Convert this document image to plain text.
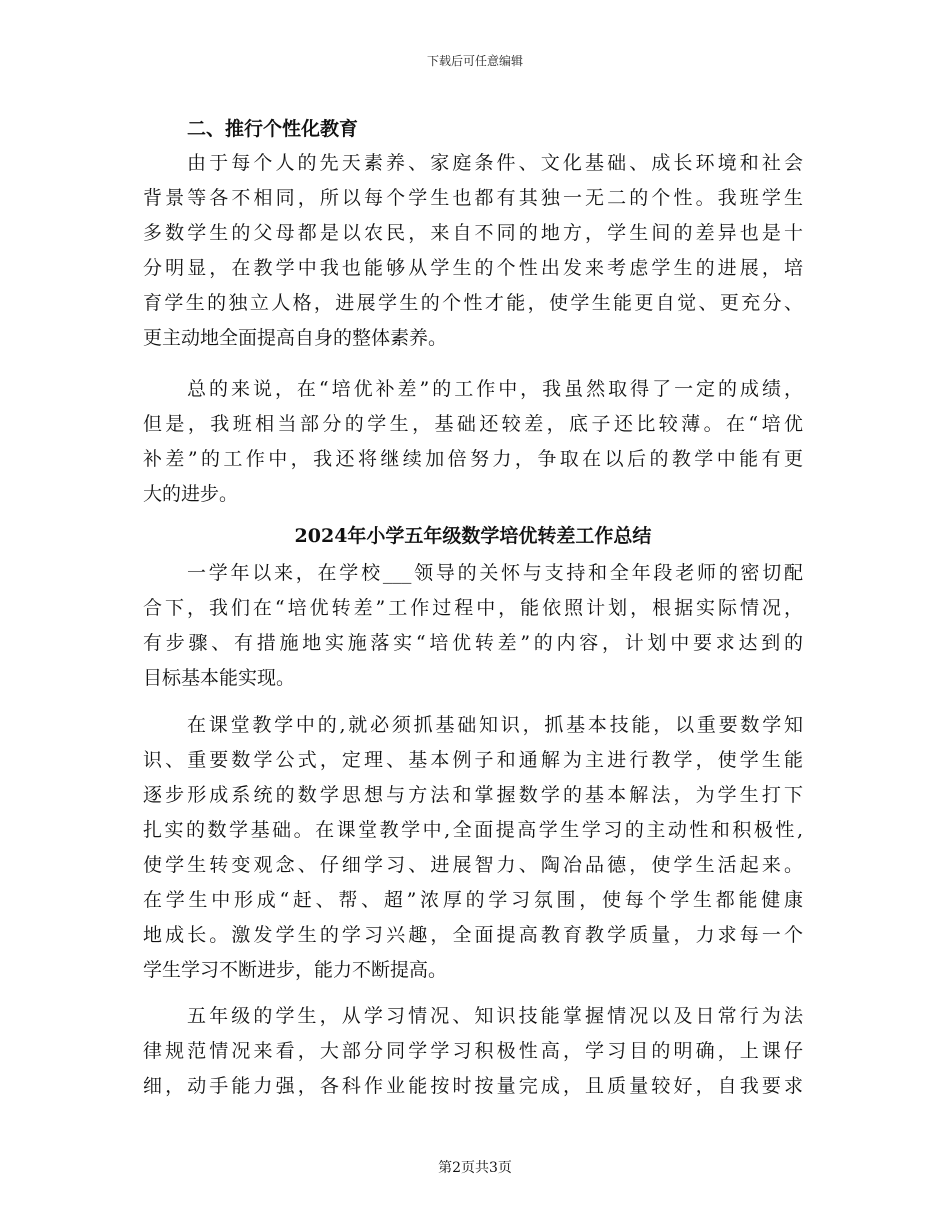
下载后可任意编辑
二、推行个性化教育
由于每个人的先天素养、家庭条件、文化基础、成长环境和社会
背景等各不相同，所以每个学生也都有其独一无二的个性。我班学生
多数学生的父母都是以农民，来自不同的地方，学生间的差异也是十
分明显，在教学中我也能够从学生的个性出发来考虑学生的进展，培
育学生的独立人格，进展学生的个性才能，使学生能更自觉、更充分、
更主动地全面提高自身的整体素养。
总的来说，在“培优补差”的工作中，我虽然取得了一定的成绩，
但是，我班相当部分的学生，基础还较差，底子还比较薄。在“培优
补差”的工作中，我还将继续加倍努力，争取在以后的教学中能有更
大的进步。
2024年小学五年级数学培优转差工作总结
一学年以来，在学校___领导的关怀与支持和全年段老师的密切配
合下，我们在“培优转差”工作过程中，能依照计划，根据实际情况，
有步骤、有措施地实施落实“培优转差”的内容，计划中要求达到的
目标基本能实现。
在课堂教学中的,就必须抓基础知识，抓基本技能，以重要数学知
识、重要数学公式，定理、基本例子和通解为主进行教学，使学生能
逐步形成系统的数学思想与方法和掌握数学的基本解法，为学生打下
扎实的数学基础。在课堂教学中,全面提高学生学习的主动性和积极性,
使学生转变观念、仔细学习、进展智力、陶冶品德，使学生活起来。
在学生中形成“赶、帮、超”浓厚的学习氛围，使每个学生都能健康
地成长。激发学生的学习兴趣，全面提高教育教学质量，力求每一个
学生学习不断进步，能力不断提高。
五年级的学生，从学习情况、知识技能掌握情况以及日常行为法
律规范情况来看，大部分同学学习积极性高，学习目的明确，上课仔
细，动手能力强，各科作业能按时按量完成，且质量较好，自我要求
第2页共3页
